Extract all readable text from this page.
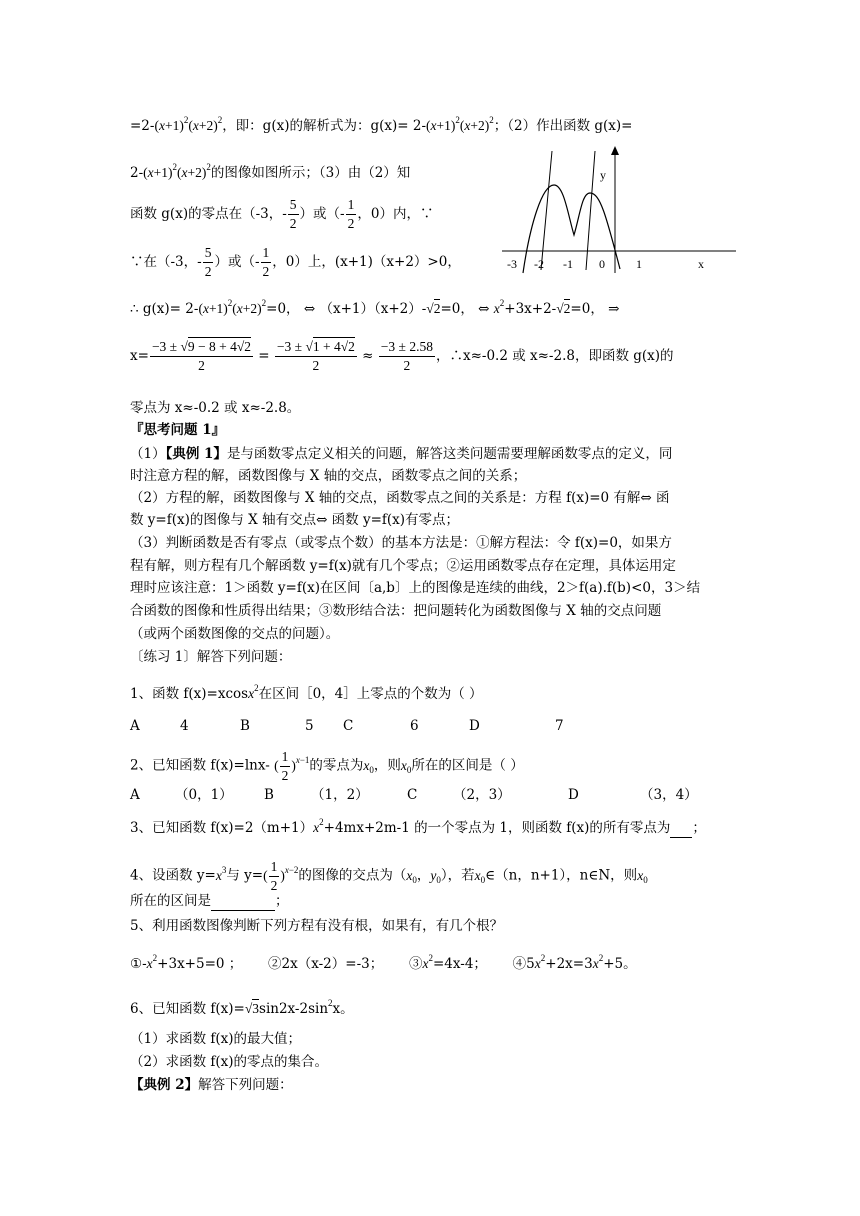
$=2-(x+1)^2(x+2)^2$，即：g(x)的解析式为：$g(x)= 2-(x+1)^2(x+2)^2$；（2）作出函数 g(x)=
$2-(x+1)^2(x+2)^2$的图像如图所示；（3）由（2）知
函数 g(x)的零点在（-3，- $\frac{5}{2}$ ）或（- $\frac{1}{2}$ ，0）内，∵
∵在（-3，- $\frac{5}{2}$ ）或（- $\frac{1}{2}$ ，0）上，(x+1)（x+2）>0，
∴ $g(x)= 2-(x+1)^2(x+2)^2=0$， ⇔ （x+1）（x+2）-√2=0， ⇔ $x^2+3x+2-√2=0$， ⇒
$x= \frac{-3 \pm √9 - 8 + 4√2}{2} = \frac{-3 \pm √1 + 4√2}{2} \approx \frac{-3 \pm 2.58}{2}$ ，∴x≈-0.2 或 x≈-2.8，即函数 g(x)的
零点为 x≈-0.2 或 x≈-2.8。
y
x
-3 -2 -1 0	1
『思考问题 1』
（1）【典例 1】是与函数零点定义相关的问题，解答这类问题需要理解函数零点的定义，同
时注意方程的解，函数图像与 X 轴的交点，函数零点之间的关系；
（2）方程的解，函数图像与 X 轴的交点，函数零点之间的关系是：方程 f(x)=0 有解⇔ 函
数 y=f(x)的图像与 X 轴有交点⇔ 函数 y=f(x)有零点；
（3）判断函数是否有零点（或零点个数）的基本方法是：①解方程法：令 f(x)=0，如果方
程有解，则方程有几个解函数 y=f(x)就有几个零点；②运用函数零点存在定理，具体运用定
理时应该注意：1＞函数 y=f(x)在区间〔a,b〕上的图像是连续的曲线，2＞f(a).f(b)<0，3＞结
合函数的图像和性质得出结果；③数形结合法：把问题转化为函数图像与 X 轴的交点问题
（或两个函数图像的交点的问题）。
〔练习 1〕解答下列问题：
1、函数 f(x)=xcosx$^2$在区间［0，4］上零点的个数为（ ）
A	4	B	5 C	6	D	7
2、已知函数 f(x)=lnx- ( $\frac{1}{2} )^{x-1}$的零点为$x_0$，则$x_0$所在的区间是（ ）
A	（0，1） B	（1，2）	C	（2，3）	D	（3，4）
3、已知函数 $f(x)=2(m+1)x^2+4mx+2m-1$ 的一个零点为 1，则函数 f(x)的所有零点为 ；
4、设函数 $y=x^3$与 $y=( \frac{1}{2} )^{x-2}$的图像的交点为（$x_0$，$y_0$），若$x_0\in(n$，n+1），n∈N，则$x_0$
所在的区间是	；
5、利用函数图像判断下列方程有没有根，如果有，有几个根？
$①-x^2+3x+5=0$ ； ②2x（x-2）=-3； $③x^2=4x-4$； $④5x^2+2x=3x^2+5$。
6、已知函数 $f(x)=√3\sin 2x-2\sin^2x$。
（1）求函数 f(x)的最大值；
（2）求函数 f(x)的零点的集合。
【典例 2】解答下列问题：
